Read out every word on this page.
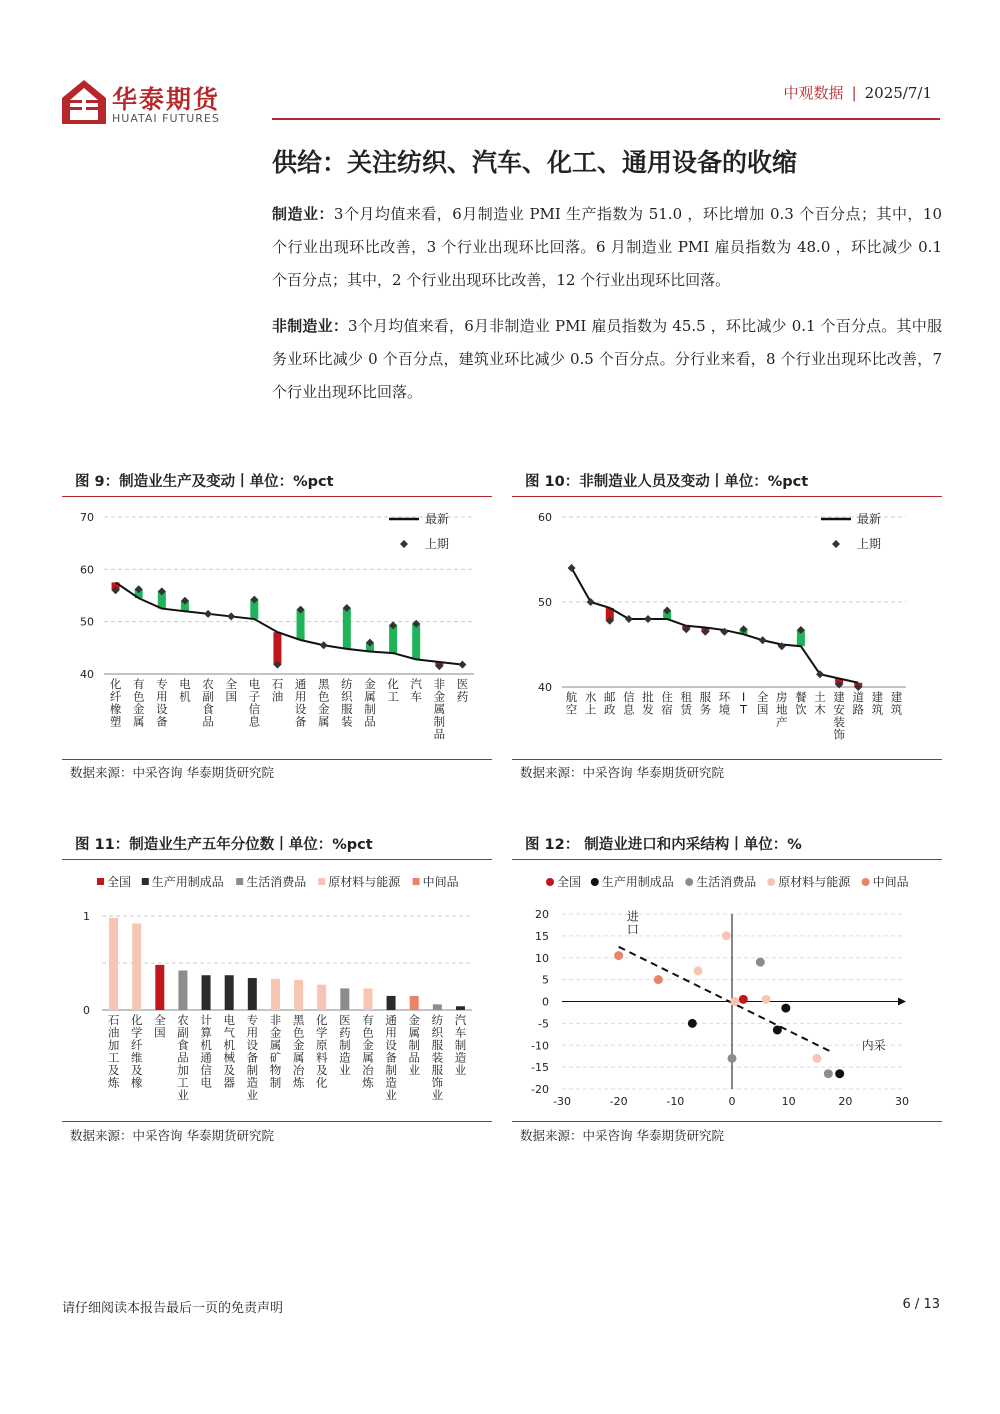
华泰期货
HUATAI FUTURES
中观数据 | 2025/7/1
供给：关注纺织、汽车、化工、通用设备的收缩
制造业：3个月均值来看，6月制造业 PMI 生产指数为 51.0 ，环比增加 0.3 个百分点；其中，10 个行业出现环比改善，3 个行业出现环比回落。6 月制造业 PMI 雇员指数为 48.0 ，环比减少 0.1 个百分点；其中，2 个行业出现环比改善，12 个行业出现环比回落。
非制造业：3个月均值来看，6月非制造业 PMI 雇员指数为 45.5 ，环比减少 0.1 个百分点。其中服务业环比减少 0 个百分点，建筑业环比减少 0.5 个百分点。分行业来看，8 个行业出现环比改善，7 个行业出现环比回落。
图 9：制造业生产及变动丨单位：%pct
40
50
60
70
化纤橡塑
有色金属
专用设备
电机
农副食品
全国
电子信息
石油
通用设备
黑色金属
纺织服装
金属制品
化工
汽车
非金属制品
医药
最新
上期
数据来源：中采咨询 华泰期货研究院
图 10：非制造业人员及变动丨单位：%pct
40
50
60
航空
水上
邮政
信息
批发
住宿
租赁
服务
环境
I T
全国
房地产
餐饮
土木
建安装饰
道路
建筑
建筑
最新
上期
数据来源：中采咨询 华泰期货研究院
图 11：制造业生产五年分位数丨单位：%pct
全国 生产用制成品 生活消费品 原材料与能源 中间品
0
1
石油加工及炼
化学纤维及橡
全国
农副食品加工业
计算机通信电
电气机械及器
专用设备制造业
非金属矿物制
黑色金属冶炼
化学原料及化
医药制造业
有色金属冶炼
通用设备制造业
金属制品业
纺织服装服饰业
汽车制造业
数据来源：中采咨询 华泰期货研究院
图 12： 制造业进口和内采结构丨单位：%
全国 生产用制成品 生活消费品 原材料与能源 中间品
-20
-15
-10
-5
0
5
10
15
20
-30	-20	-10	0	10	20	30
内采
进口
数据来源：中采咨询 华泰期货研究院
请仔细阅读本报告最后一页的免责声明	6 / 13
